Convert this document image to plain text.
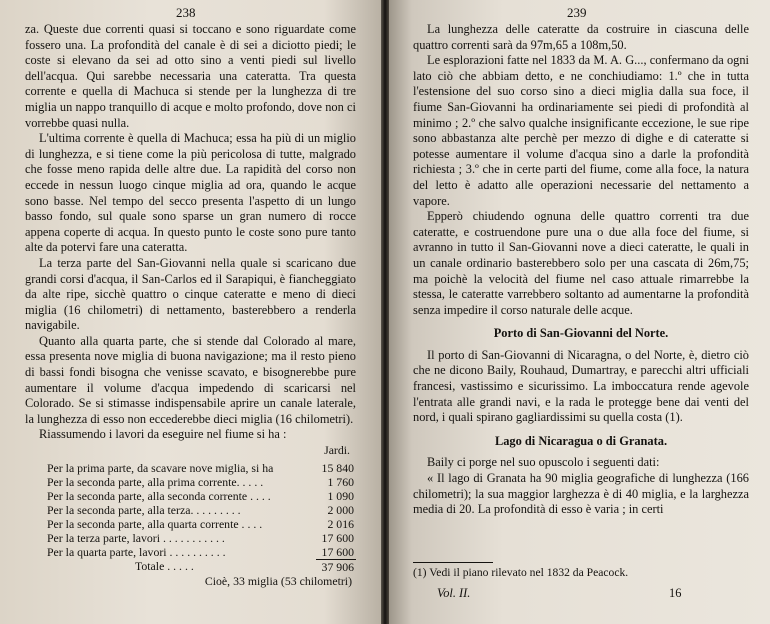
238

za. Queste due correnti quasi si toccano e sono riguardate come fossero una. La profondità del canale è di sei a diciotto piedi; le coste si elevano da sei ad otto sino a venti piedi sul livello dell'acqua. Qui sarebbe necessaria una cateratta. Tra questa corrente e quella di Machuca si stende per la lunghezza di tre miglia un nappo tranquillo di acque e molto profondo, dove non ci vorrebbe quasi nulla.

L'ultima corrente è quella di Machuca; essa ha più di un miglio di lunghezza, e si tiene come la più pericolosa di tutte, malgrado che fosse meno rapida delle altre due. La rapidità del corso non eccede in nessun luogo cinque miglia ad ora, quando le acque sono basse. Nel tempo del secco presenta l'aspetto di un lungo basso fondo, sul quale sono sparse un gran numero di rocce appena coperte di acqua. In questo punto le coste sono pure tanto alte da potervi fare una cateratta.

La terza parte del San-Giovanni nella quale si scaricano due grandi corsi d'acqua, il San-Carlos ed il Sarapiqui, è fiancheggiato da alte ripe, sicchè quattro o cinque cateratte e meno di dieci miglia (16 chilometri) di nettamento, basterebbero a renderla navigabile.

Quanto alla quarta parte, che si stende dal Colorado al mare, essa presenta nove miglia di buona navigazione; ma il resto pieno di bassi fondi bisogna che venisse scavato, e bisognerebbe pure aumentare il volume d'acqua impedendo di scaricarsi nel Colorado. Se si stimasse indispensabile aprire un canale laterale, la lunghezza di esso non eccederebbe dieci miglia (16 chilometri).

Riassumendo i lavori da eseguire nel fiume si ha :

Jardi.
Per la prima parte, da scavare nove miglia, si ha	15 840
Per la seconda parte, alla prima corrente. . . . .	1 760
Per la seconda parte, alla seconda corrente . . . .	1 090
Per la seconda parte, alla terza. . . . . . . . .	2 000
Per la seconda parte, alla quarta corrente . . . .	2 016
Per la terza parte, lavori . . . . . . . . . . .	17 600
Per la quarta parte, lavori . . . . . . . . . .	17 600
Totale . . . . .	37 906
Cioè, 33 miglia (53 chilometri)
239

La lunghezza delle cateratte da costruire in ciascuna delle quattro correnti sarà da 97m,65 a 108m,50.

Le esplorazioni fatte nel 1833 da M. A. G..., confermano da ogni lato ciò che abbiam detto, e ne conchiudiamo: 1.º che in tutta l'estensione del suo corso sino a dieci miglia dalla sua foce, il fiume San-Giovanni ha ordinariamente sei piedi di profondità al minimo ; 2.º che salvo qualche insignificante eccezione, le sue ripe sono abbastanza alte perchè per mezzo di dighe e di cateratte si potesse aumentare il volume d'acqua sino a darle la profondità richiesta ; 3.º che in certe parti del fiume, come alla foce, la natura del letto è adatto alle operazioni necessarie del nettamento a vapore.

Epperò chiudendo ognuna delle quattro correnti tra due cateratte, e costruendone pure una o due alla foce del fiume, si avranno in tutto il San-Giovanni nove a dieci cateratte, le quali in un canale ordinario basterebbero solo per una cascata di 26m,75; ma poichè la velocità del fiume nel caso attuale rimarrebbe la stessa, le cateratte varrebbero soltanto ad aumentarne la profondità senza impedire il corso naturale delle acque.

Porto di San-Giovanni del Norte.

Il porto di San-Giovanni di Nicaragna, o del Norte, è, dietro ciò che ne dicono Baily, Rouhaud, Dumartray, e parecchi altri ufficiali francesi, vastissimo e sicurissimo. La imboccatura rende agevole l'entrata alle grandi navi, e la rada le protegge bene dai venti del nord, i quali spirano gagliardissimi su quella costa (1).

Lago di Nicaragua o di Granata.

Baily ci porge nel suo opuscolo i seguenti dati:

« Il lago di Granata ha 90 miglia geografiche di lunghezza (166 chilometri); la sua maggior larghezza è di 40 miglia, e la larghezza media di 20. La profondità di esso è varia ; in certi

(1) Vedi il piano rilevato nel 1832 da Peacock.
Vol. II.	16
